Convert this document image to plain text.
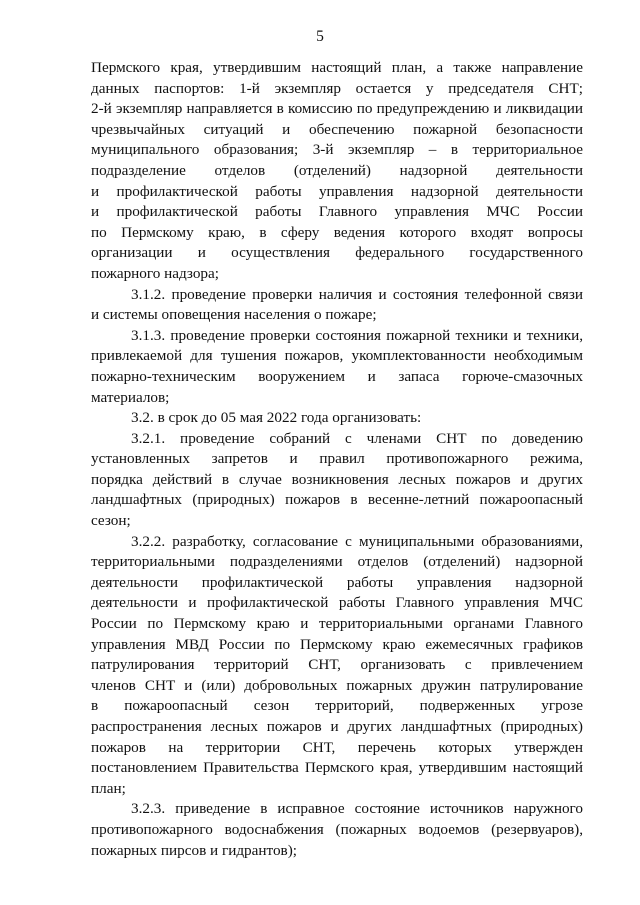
5
Пермского края, утвердившим настоящий план, а также направление
данных паспортов: 1-й экземпляр остается у председателя СНТ;
2-й экземпляр направляется в комиссию по предупреждению и ликвидации
чрезвычайных ситуаций и обеспечению пожарной безопасности
муниципального образования; 3-й экземпляр – в территориальное
подразделение отделов (отделений) надзорной деятельности
и профилактической работы управления надзорной деятельности
и профилактической работы Главного управления МЧС России
по Пермскому краю, в сферу ведения которого входят вопросы
организации и осуществления федерального государственного
пожарного надзора;
3.1.2. проведение проверки наличия и состояния телефонной связи
и системы оповещения населения о пожаре;
3.1.3. проведение проверки состояния пожарной техники и техники,
привлекаемой для тушения пожаров, укомплектованности необходимым
пожарно-техническим вооружением и запаса горюче-смазочных
материалов;
3.2. в срок до 05 мая 2022 года организовать:
3.2.1. проведение собраний с членами СНТ по доведению
установленных запретов и правил противопожарного режима,
порядка действий в случае возникновения лесных пожаров и других
ландшафтных (природных) пожаров в весенне-летний пожароопасный
сезон;
3.2.2. разработку, согласование с муниципальными образованиями,
территориальными подразделениями отделов (отделений) надзорной
деятельности профилактической работы управления надзорной
деятельности и профилактической работы Главного управления МЧС
России по Пермскому краю и территориальными органами Главного
управления МВД России по Пермскому краю ежемесячных графиков
патрулирования территорий СНТ, организовать с привлечением
членов СНТ и (или) добровольных пожарных дружин патрулирование
в пожароопасный сезон территорий, подверженных угрозе
распространения лесных пожаров и других ландшафтных (природных)
пожаров на территории СНТ, перечень которых утвержден
постановлением Правительства Пермского края, утвердившим настоящий
план;
3.2.3. приведение в исправное состояние источников наружного
противопожарного водоснабжения (пожарных водоемов (резервуаров),
пожарных пирсов и гидрантов);
